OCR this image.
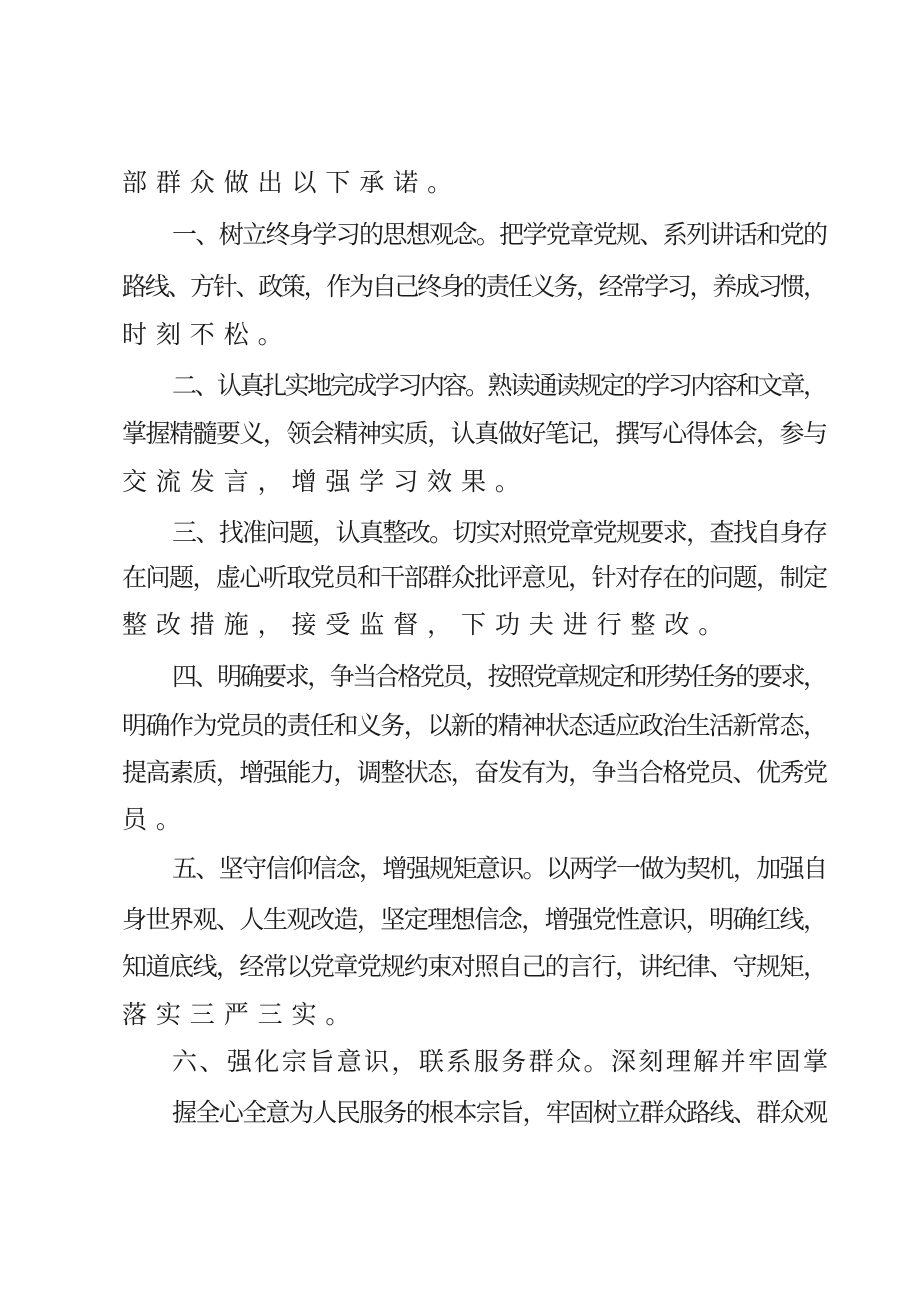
部群众做出以下承诺。
一、树立终身学习的思想观念。把学党章党规、系列讲话和党的
路线、方针、政策，作为自己终身的责任义务，经常学习，养成习惯，
时刻不松。
二、认真扎实地完成学习内容。熟读通读规定的学习内容和文章，
掌握精髓要义，领会精神实质，认真做好笔记，撰写心得体会，参与
交流发言，增强学习效果。
三、找准问题，认真整改。切实对照党章党规要求，查找自身存
在问题，虚心听取党员和干部群众批评意见，针对存在的问题，制定
整改措施，接受监督，下功夫进行整改。
四、明确要求，争当合格党员，按照党章规定和形势任务的要求，
明确作为党员的责任和义务，以新的精神状态适应政治生活新常态，
提高素质，增强能力，调整状态，奋发有为，争当合格党员、优秀党
员。
五、坚守信仰信念，增强规矩意识。以两学一做为契机，加强自
身世界观、人生观改造，坚定理想信念，增强党性意识，明确红线，
知道底线，经常以党章党规约束对照自己的言行，讲纪律、守规矩，
落实三严三实。
六、强化宗旨意识，联系服务群众。深刻理解并牢固掌
握全心全意为人民服务的根本宗旨，牢固树立群众路线、群众观
